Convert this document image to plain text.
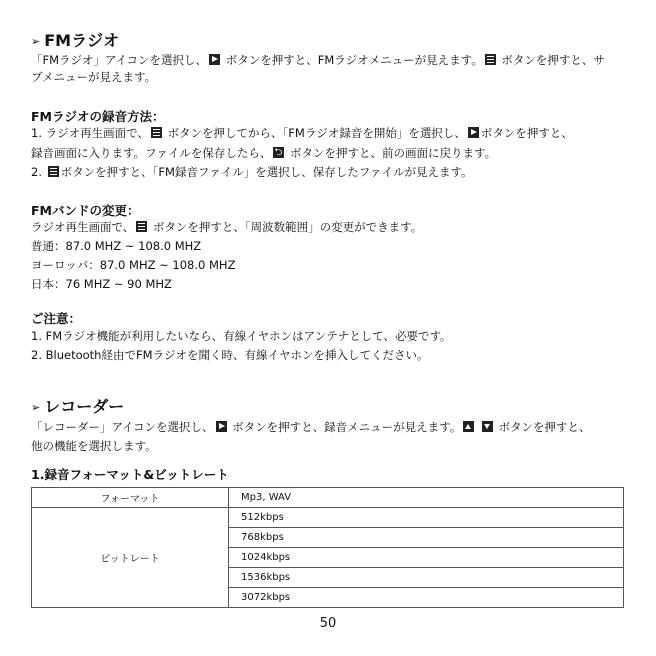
➢ FMラジオ
「FMラジオ」アイコンを選択し、 ボタンを押すと、FMラジオメニューが見えます。 ボタンを押すと、サ
ブメニューが見えます。
FMラジオの録音方法：
1. ラジオ再生画面で、 ボタンを押してから、「FMラジオ録音を開始」を選択し、 ボタンを押すと、
録音画面に入ります。ファイルを保存したら、 ⮌ ボタンを押すと、前の画面に戻ります。
2. ボタンを押すと、「FM録音ファイル」を選択し、保存したファイルが見えます。
FMバンドの変更：
ラジオ再生画面で、 ボタンを押すと、「周波数範囲」の変更ができます。
普通：87.0 MHZ ~ 108.0 MHZ
ヨーロッパ：87.0 MHZ ~ 108.0 MHZ
日本：76 MHZ ~ 90 MHZ
ご注意：
1. FMラジオ機能が利用したいなら、有線イヤホンはアンテナとして、必要です。
2. Bluetooth経由でFMラジオを聞く時、有線イヤホンを挿入してください。
➢ レコーダー
「レコーダー」アイコンを選択し、 ボタンを押すと、録音メニューが見えます。	ボタンを押すと、
他の機能を選択します。
1.録音フォーマット&ビットレート
フォーマット	Mp3, WAV
ビットレート	512kbps
	768kbps
	1024kbps
	1536kbps
	3072kbps
50
